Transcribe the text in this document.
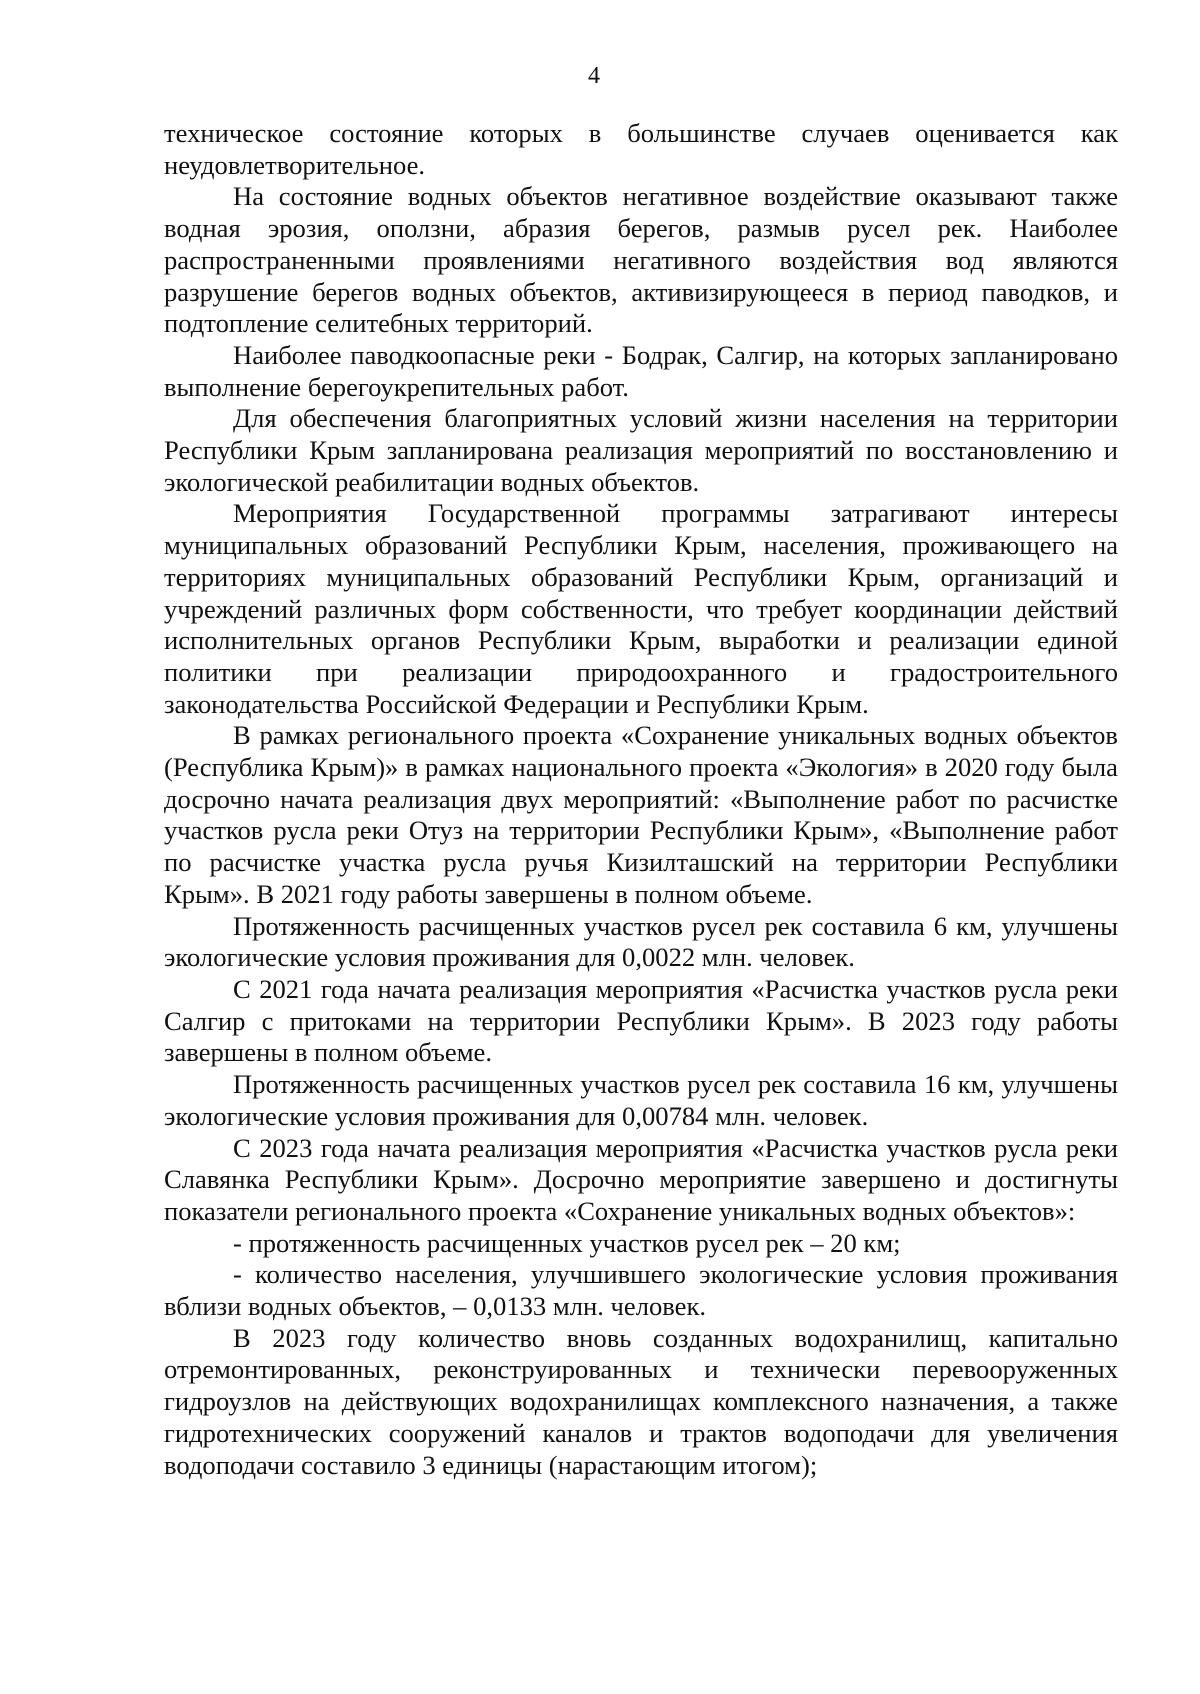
4

техническое состояние которых в большинстве случаев оценивается как неудовлетворительное.

На состояние водных объектов негативное воздействие оказывают также водная эрозия, оползни, абразия берегов, размыв русел рек. Наиболее распространенными проявлениями негативного воздействия вод являются разрушение берегов водных объектов, активизирующееся в период паводков, и подтопление селитебных территорий.

Наиболее паводкоопасные реки - Бодрак, Салгир, на которых запланировано выполнение берегоукрепительных работ.

Для обеспечения благоприятных условий жизни населения на территории Республики Крым запланирована реализация мероприятий по восстановлению и экологической реабилитации водных объектов.

Мероприятия Государственной программы затрагивают интересы муниципальных образований Республики Крым, населения, проживающего на территориях муниципальных образований Республики Крым, организаций и учреждений различных форм собственности, что требует координации действий исполнительных органов Республики Крым, выработки и реализации единой политики при реализации природоохранного и градостроительного законодательства Российской Федерации и Республики Крым.

В рамках регионального проекта «Сохранение уникальных водных объектов (Республика Крым)» в рамках национального проекта «Экология» в 2020 году была досрочно начата реализация двух мероприятий: «Выполнение работ по расчистке участков русла реки Отуз на территории Республики Крым», «Выполнение работ по расчистке участка русла ручья Кизилташский на территории Республики Крым». В 2021 году работы завершены в полном объеме.

Протяженность расчищенных участков русел рек составила 6 км, улучшены экологические условия проживания для 0,0022 млн. человек.

С 2021 года начата реализация мероприятия «Расчистка участков русла реки Салгир с притоками на территории Республики Крым». В 2023 году работы завершены в полном объеме.

Протяженность расчищенных участков русел рек составила 16 км, улучшены экологические условия проживания для 0,00784 млн. человек.

С 2023 года начата реализация мероприятия «Расчистка участков русла реки Славянка Республики Крым». Досрочно мероприятие завершено и достигнуты показатели регионального проекта «Сохранение уникальных водных объектов»:

- протяженность расчищенных участков русел рек – 20 км;

- количество населения, улучшившего экологические условия проживания вблизи водных объектов, – 0,0133 млн. человек.

В 2023 году количество вновь созданных водохранилищ, капитально отремонтированных, реконструированных и технически перевооруженных гидроузлов на действующих водохранилищах комплексного назначения, а также гидротехнических сооружений каналов и трактов водоподачи для увеличения водоподачи составило 3 единицы (нарастающим итогом);
